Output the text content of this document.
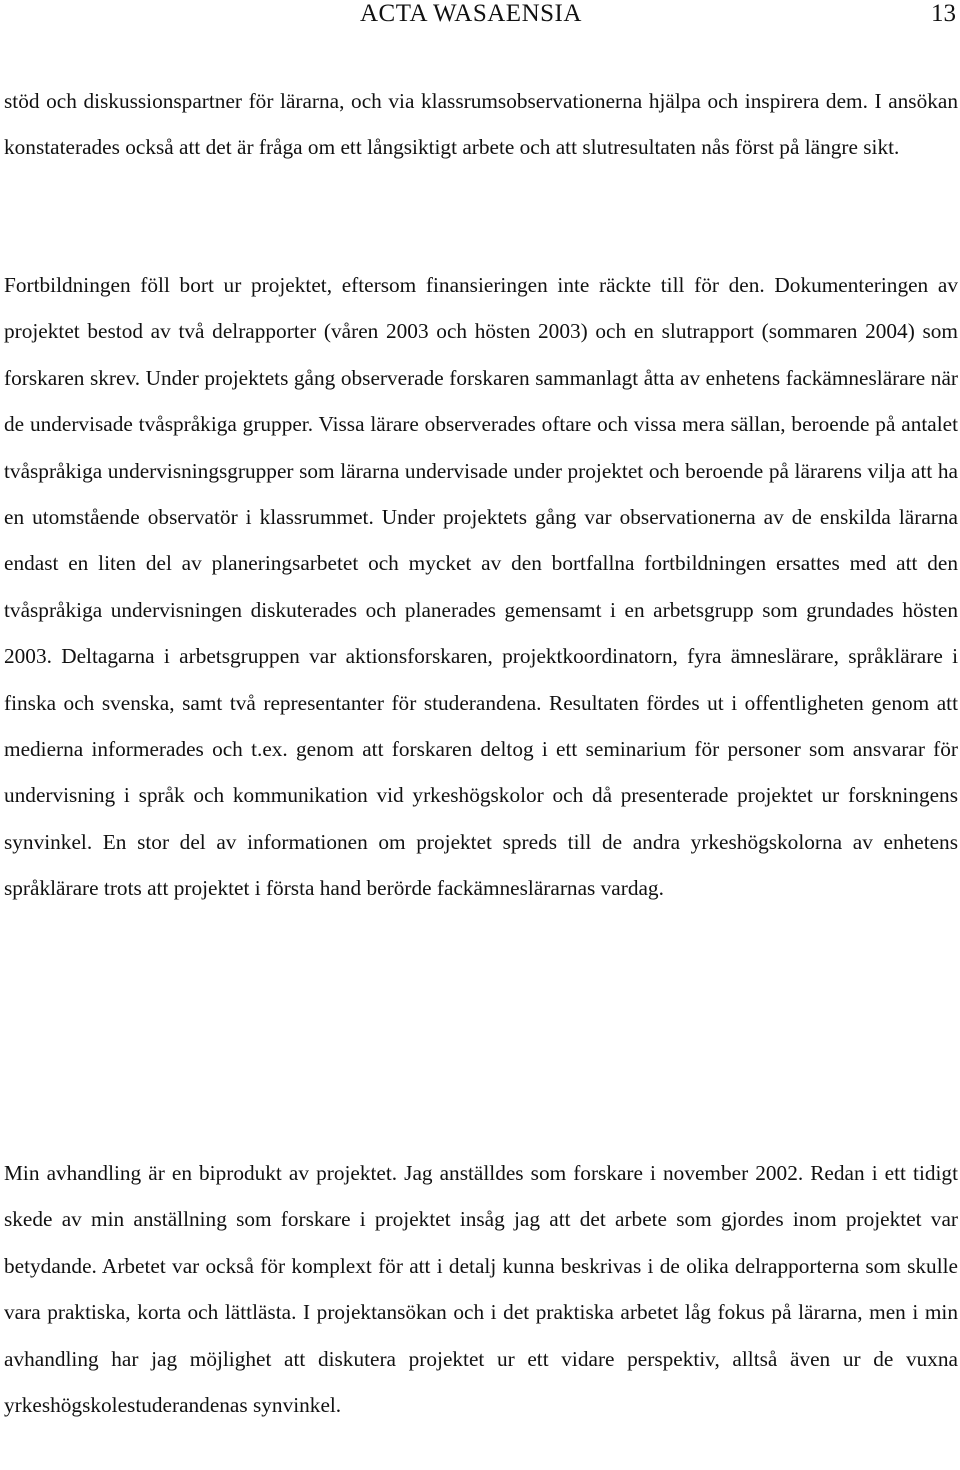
ACTA WASAENSIA	13

stöd och diskussionspartner för lärarna, och via klassrumsobservationerna hjälpa och inspirera dem. I ansökan konstaterades också att det är fråga om ett långsiktigt arbete och att slutresultaten nås först på längre sikt.

Fortbildningen föll bort ur projektet, eftersom finansieringen inte räckte till för den. Dokumenteringen av projektet bestod av två delrapporter (våren 2003 och hösten 2003) och en slutrapport (sommaren 2004) som forskaren skrev. Under projektets gång observerade forskaren sammanlagt åtta av enhetens fackämneslärare när de undervisade tvåspråkiga grupper. Vissa lärare observerades oftare och vissa mera sällan, beroende på antalet tvåspråkiga undervisningsgrupper som lärarna undervisade under projektet och beroende på lärarens vilja att ha en utomstående observatör i klassrummet. Under projektets gång var observationerna av de enskilda lärarna endast en liten del av planeringsarbetet och mycket av den bortfallna fortbildningen ersattes med att den tvåspråkiga undervisningen diskuterades och planerades gemensamt i en arbetsgrupp som grundades hösten 2003. Deltagarna i arbetsgruppen var aktionsforskaren, projektkoordinatorn, fyra ämneslärare, språklärare i finska och svenska, samt två representanter för studerandena. Resultaten fördes ut i offentligheten genom att medierna informerades och t.ex. genom att forskaren deltog i ett seminarium för personer som ansvarar för undervisning i språk och kommunikation vid yrkeshögskolor och då presenterade projektet ur forskningens synvinkel. En stor del av informationen om projektet spreds till de andra yrkeshögskolorna av enhetens språklärare trots att projektet i första hand berörde fackämneslärarnas vardag.

Min avhandling är en biprodukt av projektet. Jag anställdes som forskare i november 2002. Redan i ett tidigt skede av min anställning som forskare i projektet insåg jag att det arbete som gjordes inom projektet var betydande. Arbetet var också för komplext för att i detalj kunna beskrivas i de olika delrapporterna som skulle vara praktiska, korta och lättlästa. I projektansökan och i det praktiska arbetet låg fokus på lärarna, men i min avhandling har jag möjlighet att diskutera projektet ur ett vidare perspektiv, alltså även ur de vuxna yrkeshögskolestuderandenas synvinkel.
